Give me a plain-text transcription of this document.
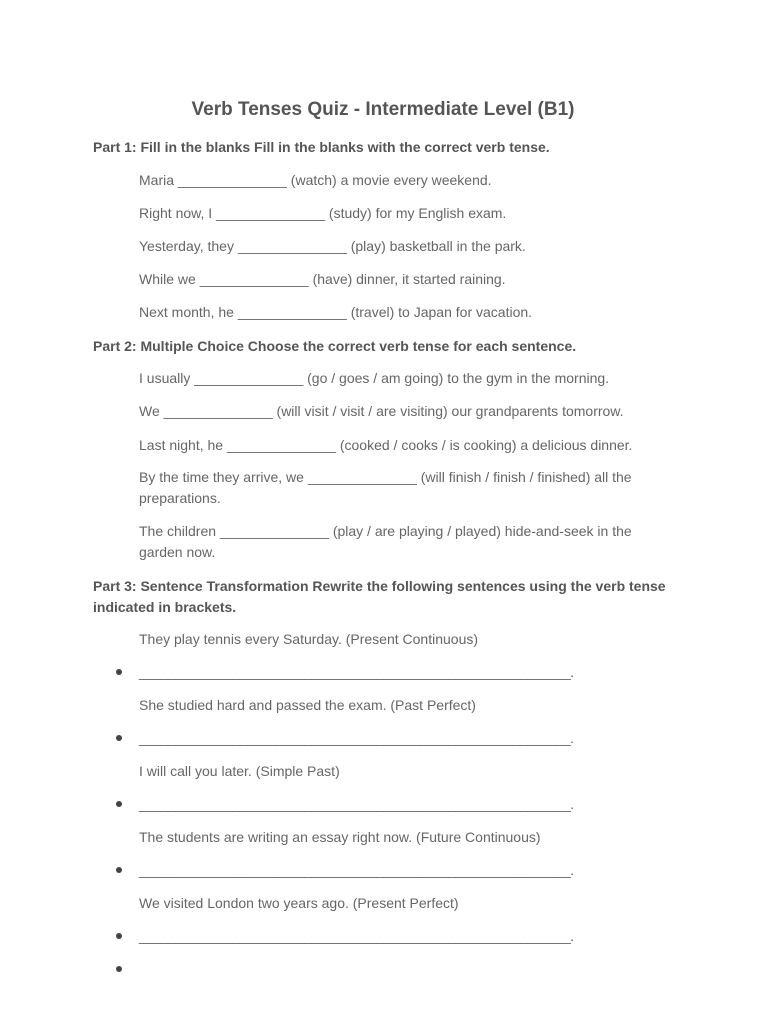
Verb Tenses Quiz - Intermediate Level (B1)

Part 1: Fill in the blanks Fill in the blanks with the correct verb tense.

Maria ______________ (watch) a movie every weekend.

Right now, I ______________ (study) for my English exam.

Yesterday, they ______________ (play) basketball in the park.

While we ______________ (have) dinner, it started raining.

Next month, he ______________ (travel) to Japan for vacation.

Part 2: Multiple Choice Choose the correct verb tense for each sentence.

I usually ______________ (go / goes / am going) to the gym in the morning.

We ______________ (will visit / visit / are visiting) our grandparents tomorrow.

Last night, he ______________ (cooked / cooks / is cooking) a delicious dinner.

By the time they arrive, we ______________ (will finish / finish / finished) all the preparations.

The children ______________ (play / are playing / played) hide-and-seek in the garden now.

Part 3: Sentence Transformation Rewrite the following sentences using the verb tense indicated in brackets.

They play tennis every Saturday. (Present Continuous)

____________________________________________________________.

She studied hard and passed the exam. (Past Perfect)

____________________________________________________________.

I will call you later. (Simple Past)

____________________________________________________________.

The students are writing an essay right now. (Future Continuous)

____________________________________________________________.

We visited London two years ago. (Present Perfect)

____________________________________________________________.
